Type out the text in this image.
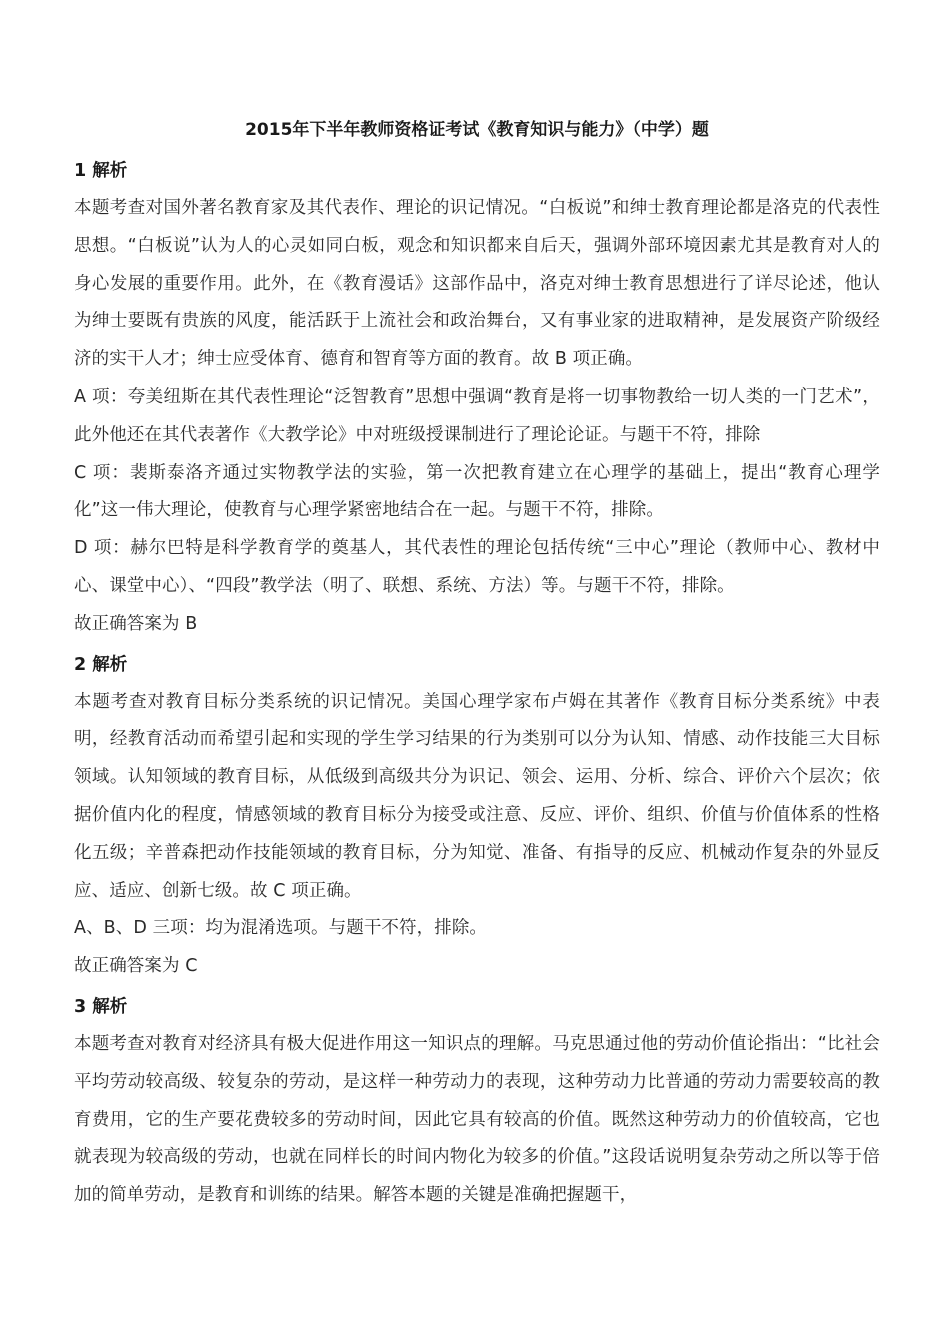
2015年下半年教师资格证考试《教育知识与能力》（中学）题
1 解析

本题考查对国外著名教育家及其代表作、理论的识记情况。“白板说”和绅士教育理论都是洛克的代表性思想。“白板说”认为人的心灵如同白板，观念和知识都来自后天，强调外部环境因素尤其是教育对人的身心发展的重要作用。此外，在《教育漫话》这部作品中，洛克对绅士教育思想进行了详尽论述，他认为绅士要既有贵族的风度，能活跃于上流社会和政治舞台，又有事业家的进取精神，是发展资产阶级经济的实干人才；绅士应受体育、德育和智育等方面的教育。故 B 项正确。

A 项：夸美纽斯在其代表性理论“泛智教育”思想中强调“教育是将一切事物教给一切人类的一门艺术”，此外他还在其代表著作《大教学论》中对班级授课制进行了理论论证。与题干不符，排除

C 项：裴斯泰洛齐通过实物教学法的实验，第一次把教育建立在心理学的基础上，提出“教育心理学化”这一伟大理论，使教育与心理学紧密地结合在一起。与题干不符，排除。

D 项：赫尔巴特是科学教育学的奠基人，其代表性的理论包括传统“三中心”理论（教师中心、教材中心、课堂中心）、“四段”教学法（明了、联想、系统、方法）等。与题干不符，排除。

故正确答案为 B

2 解析

本题考查对教育目标分类系统的识记情况。美国心理学家布卢姆在其著作《教育目标分类系统》中表明，经教育活动而希望引起和实现的学生学习结果的行为类别可以分为认知、情感、动作技能三大目标领域。认知领域的教育目标，从低级到高级共分为识记、领会、运用、分析、综合、评价六个层次；依据价值内化的程度，情感领域的教育目标分为接受或注意、反应、评价、组织、价值与价值体系的性格化五级；辛普森把动作技能领域的教育目标，分为知觉、准备、有指导的反应、机械动作复杂的外显反应、适应、创新七级。故 C 项正确。

A、B、D 三项：均为混淆选项。与题干不符，排除。

故正确答案为 C

3 解析

本题考查对教育对经济具有极大促进作用这一知识点的理解。马克思通过他的劳动价值论指出：“比社会平均劳动较高级、较复杂的劳动，是这样一种劳动力的表现，这种劳动力比普通的劳动力需要较高的教育费用，它的生产要花费较多的劳动时间，因此它具有较高的价值。既然这种劳动力的价值较高，它也就表现为较高级的劳动，也就在同样长的时间内物化为较多的价值。”这段话说明复杂劳动之所以等于倍加的简单劳动，是教育和训练的结果。解答本题的关键是准确把握题干，
